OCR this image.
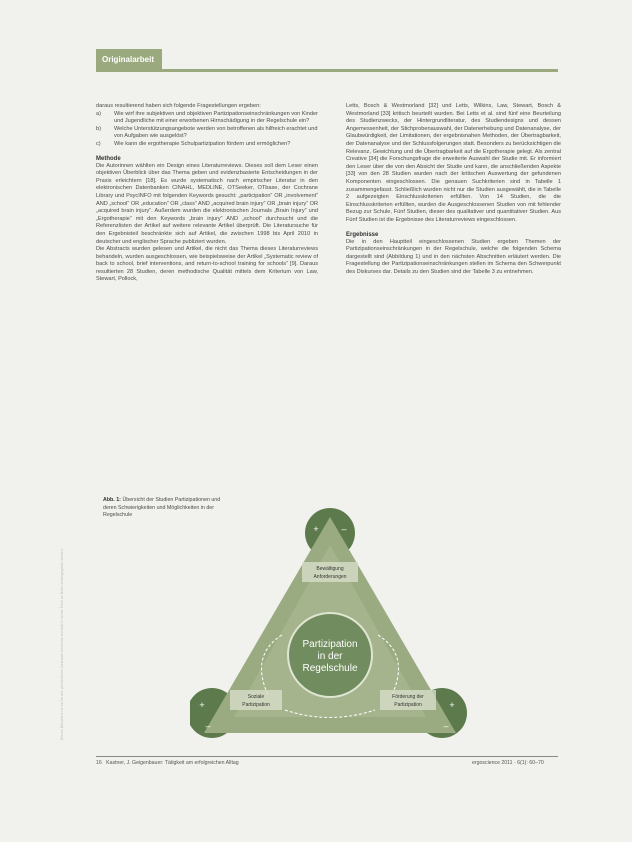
Originalarbeit
Dieses Dokument ist nur für den persönlichen Gebrauch bestimmt und darf in keiner Form an Dritte weitergegeben werden.

daraus resultierend haben sich folgende Fragestellungen ergeben:

a)	Wie wirf ihre subjektiven und objektiven Partizipationseinschränkungen von Kinder und Jugendliche mit einer erworbenen Hirnschädigung in der Regelschule ein?
b)	Welche Unterstützungsangebote werden von betroffenen als hilfreich erachtet und von Aufgaben wie ausgelöst?
c)	Wie kann die ergotherapie Schulpartizipation fördern und ermöglichen?
Methode

Die Autorinnen wählten ein Design eines Literaturreviews. Dieses soll dem Leser einen objektiven Überblick über das Thema geben und evidenzbasierte Entscheidungen in der Praxis erleichtern [18]. Es wurde systematisch nach empirischer Literatur in den elektronischen Datenbanken CINAHL, MEDLINE, OTSeeker, OTbase, der Cochrane Library und PsycINFO mit folgenden Keywords gesucht: „participation“ OR „involvement“ AND „school“ OR „education“ OR „class“ AND „acquired brain injury“ OR „brain injury“ OR „acquired brain injury“. Außerdem wurden die elektronischen Journals „Brain Injury“ und „Ergotherapie“ mit den Keywords „brain injury“ AND „school“ durchsucht und die Referenzlisten der Artikel auf weitere relevante Artikel überprüft. Die Literatursuche für den Ergebnisteil beschränkte sich auf Artikel, die zwischen 1998 bis April 2010 in deutscher und englischer Sprache publiziert wurden.

Die Abstracts wurden gelesen und Artikel, die nicht das Thema dieses Literaturreviews behandeln, wurden ausgeschlossen, wie beispielsweise der Artikel „Systematic review of back to school, brief interventions, and return-to-school training for schools“ [9]. Daraus resultierten 28 Studien, deren methodische Qualität mittels dem Kriterium von Law, Stewart, Pollock,

Letts, Bosch & Westmorland [32] und Letts, Wilkins, Law, Stewart, Bosch & Westmorland [33] kritisch beurteilt wurden. Bei Letts et al. sind fünf eine Beurteilung des Studienzwecks, der Hintergrundliteratur, des Studiendesigns und dessen Angemessenheit, der Stichprobenauswahl, der Datenerhebung und Datenanalyse, der Glaubwürdigkeit, der Limitationen, der ergebnisnahen Methoden, der Übertragbarkeit, der Datenanalyse und der Schlussfolgerungen statt. Besonders zu berücksichtigen die Relevanz, Gewichtung und die Übertragbarkeit auf die Ergotherapie gelegt. Als zentral Creative [34] die Forschungsfrage die erweiterte Auswahl der Studie mit. Er informiert den Leser über die von den Absicht der Studie und kann, die anschließenden Aspekte [33] von den 28 Studien wurden nach der kritischen Auswertung der gefundenen Komponenten eingeschlossen. Die genauen Suchkriterien sind in Tabelle 1 zusammengefasst. Schließlich wurden nicht nur die Studien ausgewählt, die in Tabelle 2 aufgezeigten Einschlusskriterien erfüllten. Von 14 Studien, die die Einschlusskriterien erfüllten, wurden die Ausgeschlossenen Studien von mit fehlender Bezug zur Schule, Fünf Studien, dieser des qualitativer und quantitativer Studien. Aus Fünf Studien ist die Ergebnisse des Literaturreviews eingeschlossen.

Ergebnisse

Die in den Hauptteil eingeschlossenen Studien ergeben Themen der Partizipationseinschränkungen in der Regelschule, welche die folgenden Schema dargestellt sind (Abbildung 1) und in den nächsten Abschnitten erläutert werden. Die Fragestellung der Partizipationseinschränkungen stellen im Schema den Schwerpunkt des Diskurses dar. Details zu den Studien sind der Tabelle 3 zu entnehmen.

Abb. 1: Übersicht der Studien Partizipationen und deren Schwierigkeiten und Möglichkeiten in der Regelschule
Partizipation
in der
Regelschule
Bewältigung
Anforderungen
Soziale
Partizipation
Förderung der
Partizipation
+	–
+
–
+
–
16 Kastner, J. Geigenbauer: Tätigkeit am erfolgreichen Alltag	ergoscience 2011 · 6(1): 60–70
